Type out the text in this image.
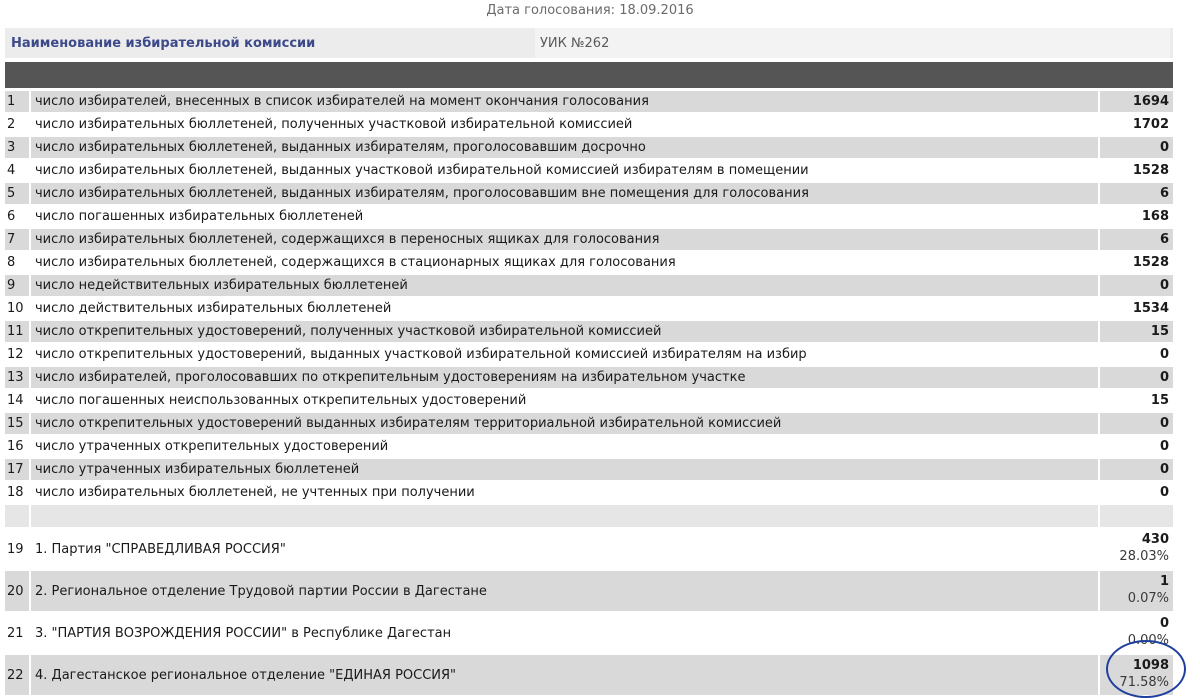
Дата голосования: 18.09.2016
Наименование избирательной комиссии	УИК №262
1	число избирателей, внесенных в список избирателей на момент окончания голосования	1694
2	число избирательных бюллетеней, полученных участковой избирательной комиссией	1702
3	число избирательных бюллетеней, выданных избирателям, проголосовавшим досрочно	0
4	число избирательных бюллетеней, выданных участковой избирательной комиссией избирателям в помещении	1528
5	число избирательных бюллетеней, выданных избирателям, проголосовавшим вне помещения для голосования	6
6	число погашенных избирательных бюллетеней	168
7	число избирательных бюллетеней, содержащихся в переносных ящиках для голосования	6
8	число избирательных бюллетеней, содержащихся в стационарных ящиках для голосования	1528
9	число недействительных избирательных бюллетеней	0
10	число действительных избирательных бюллетеней	1534
11	число открепительных удостоверений, полученных участковой избирательной комиссией	15
12	число открепительных удостоверений, выданных участковой избирательной комиссией избирателям на избир	0
13	число избирателей, проголосовавших по открепительным удостоверениям на избирательном участке	0
14	число погашенных неиспользованных открепительных удостоверений	15
15	число открепительных удостоверений выданных избирателям территориальной избирательной комиссией	0
16	число утраченных открепительных удостоверений	0
17	число утраченных избирательных бюллетеней	0
18	число избирательных бюллетеней, не учтенных при получении	0

19	1. Партия "СПРАВЕДЛИВАЯ РОССИЯ"	430
28.03%

20	2. Региональное отделение Трудовой партии России в Дагестане	1
0.07%

21	3. "ПАРТИЯ ВОЗРОЖДЕНИЯ РОССИИ" в Республике Дагестан	0
0.00%

22	4. Дагестанское региональное отделение "ЕДИНАЯ РОССИЯ"	1098
71.58%
